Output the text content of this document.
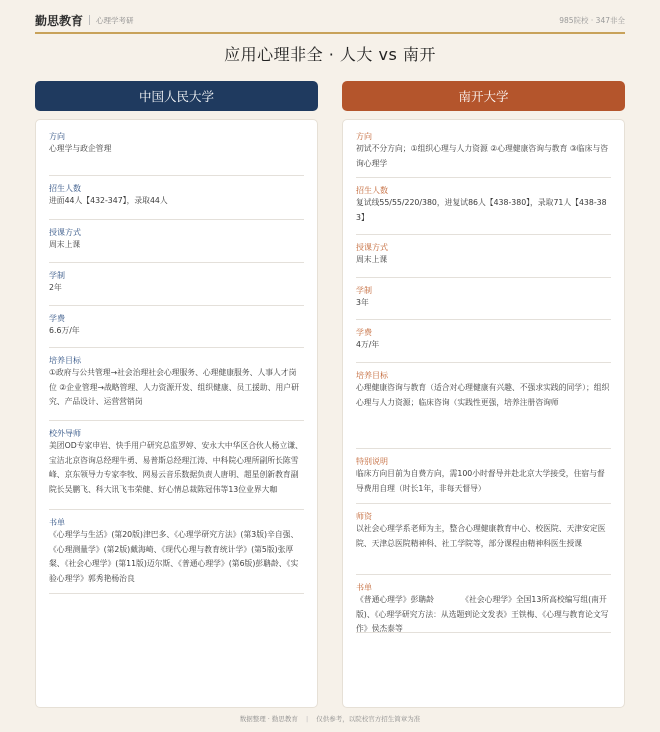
勤思教育 心理学考研	985院校 · 347非全
应用心理非全 · 人大 vs 南开
中国人民大学
方向
心理学与政企管理
招生人数
进面44人【432-347】，录取44人
授课方式
周末上课
学制
2年
学费
6.6万/年
培养目标
①政府与公共管理→社会治理社会心理服务、心理健康服务、人事人才岗位 ②企业管理→战略管理、人力资源开发、组织健康、员工援助、用户研究、产品设计、运营营销岗
校外导师
美团OD专家申岩、快手用户研究总监罗婷、安永大中华区合伙人杨立谦、宝洁北京咨询总经理牛勇、易普斯总经理江涛、中科院心理所副所长陈雪峰、京东领导力专家李牧、网易云音乐数据负责人唐明、超星创新教育副院长吴鹏飞、科大讯飞韦荣健、好心情总裁陈冠伟等13位业界大咖
书单
《心理学与生活》(第20版)津巴多、《心理学研究方法》(第3版)辛自强、《心理测量学》(第2版)戴海崎、《现代心理与教育统计学》(第5版)张厚粲、《社会心理学》(第11版)迈尔斯、《普通心理学》(第6版)彭聃龄、《实验心理学》郭秀艳杨治良
南开大学
方向
初试不分方向；①组织心理与人力资源 ②心理健康咨询与教育 ③临床与咨询心理学
招生人数
复试线55/55/220/380，进复试86人【438-380】，录取71人【438-383】
授课方式
周末上课
学制
3年
学费
4万/年
培养目标
心理健康咨询与教育（适合对心理健康有兴趣、不强求实践的同学）；组织心理与人力资源；临床咨询（实践性更强，培养注册咨询师
特别说明
临床方向目前为自费方向，需100小时督导并赴北京大学接受，住宿与督导费用自理（时长1年，非每天督导）
师资
以社会心理学系老师为主，整合心理健康教育中心、校医院、天津安定医院、天津总医院精神科、社工学院等，部分课程由精神科医生授课
书单
《普通心理学》彭聃龄　　　　《社会心理学》全国13所高校编写组(南开版)、《心理学研究方法：从选题到论文发表》王铁梅、《心理与教育论文写作》侯杰泰等
数据整理 · 勤思教育 | 仅供参考，以院校官方招生简章为准
